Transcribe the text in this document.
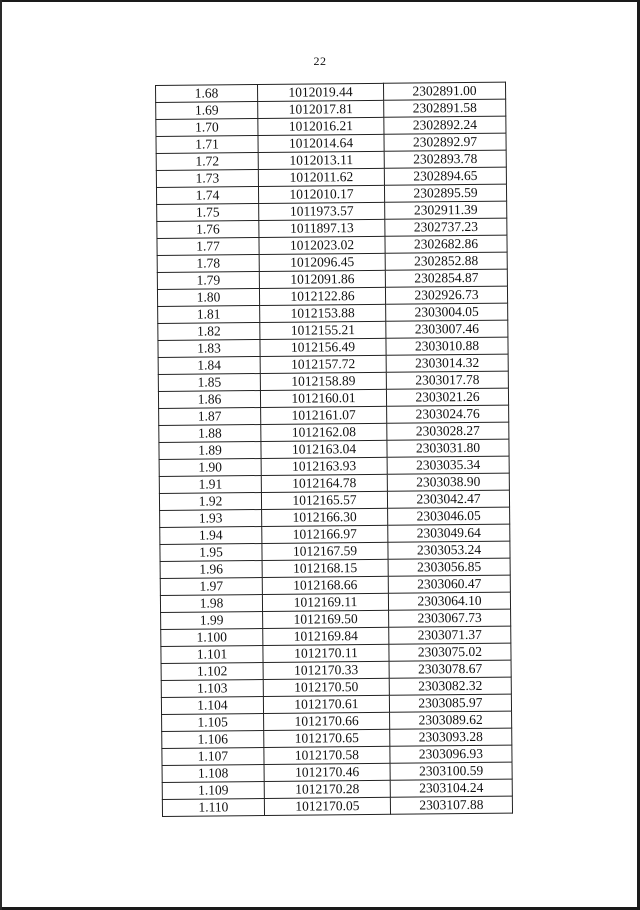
22
1.68	1012019.44	2302891.00
1.69	1012017.81	2302891.58
1.70	1012016.21	2302892.24
1.71	1012014.64	2302892.97
1.72	1012013.11	2302893.78
1.73	1012011.62	2302894.65
1.74	1012010.17	2302895.59
1.75	1011973.57	2302911.39
1.76	1011897.13	2302737.23
1.77	1012023.02	2302682.86
1.78	1012096.45	2302852.88
1.79	1012091.86	2302854.87
1.80	1012122.86	2302926.73
1.81	1012153.88	2303004.05
1.82	1012155.21	2303007.46
1.83	1012156.49	2303010.88
1.84	1012157.72	2303014.32
1.85	1012158.89	2303017.78
1.86	1012160.01	2303021.26
1.87	1012161.07	2303024.76
1.88	1012162.08	2303028.27
1.89	1012163.04	2303031.80
1.90	1012163.93	2303035.34
1.91	1012164.78	2303038.90
1.92	1012165.57	2303042.47
1.93	1012166.30	2303046.05
1.94	1012166.97	2303049.64
1.95	1012167.59	2303053.24
1.96	1012168.15	2303056.85
1.97	1012168.66	2303060.47
1.98	1012169.11	2303064.10
1.99	1012169.50	2303067.73
1.100	1012169.84	2303071.37
1.101	1012170.11	2303075.02
1.102	1012170.33	2303078.67
1.103	1012170.50	2303082.32
1.104	1012170.61	2303085.97
1.105	1012170.66	2303089.62
1.106	1012170.65	2303093.28
1.107	1012170.58	2303096.93
1.108	1012170.46	2303100.59
1.109	1012170.28	2303104.24
1.110	1012170.05	2303107.88
